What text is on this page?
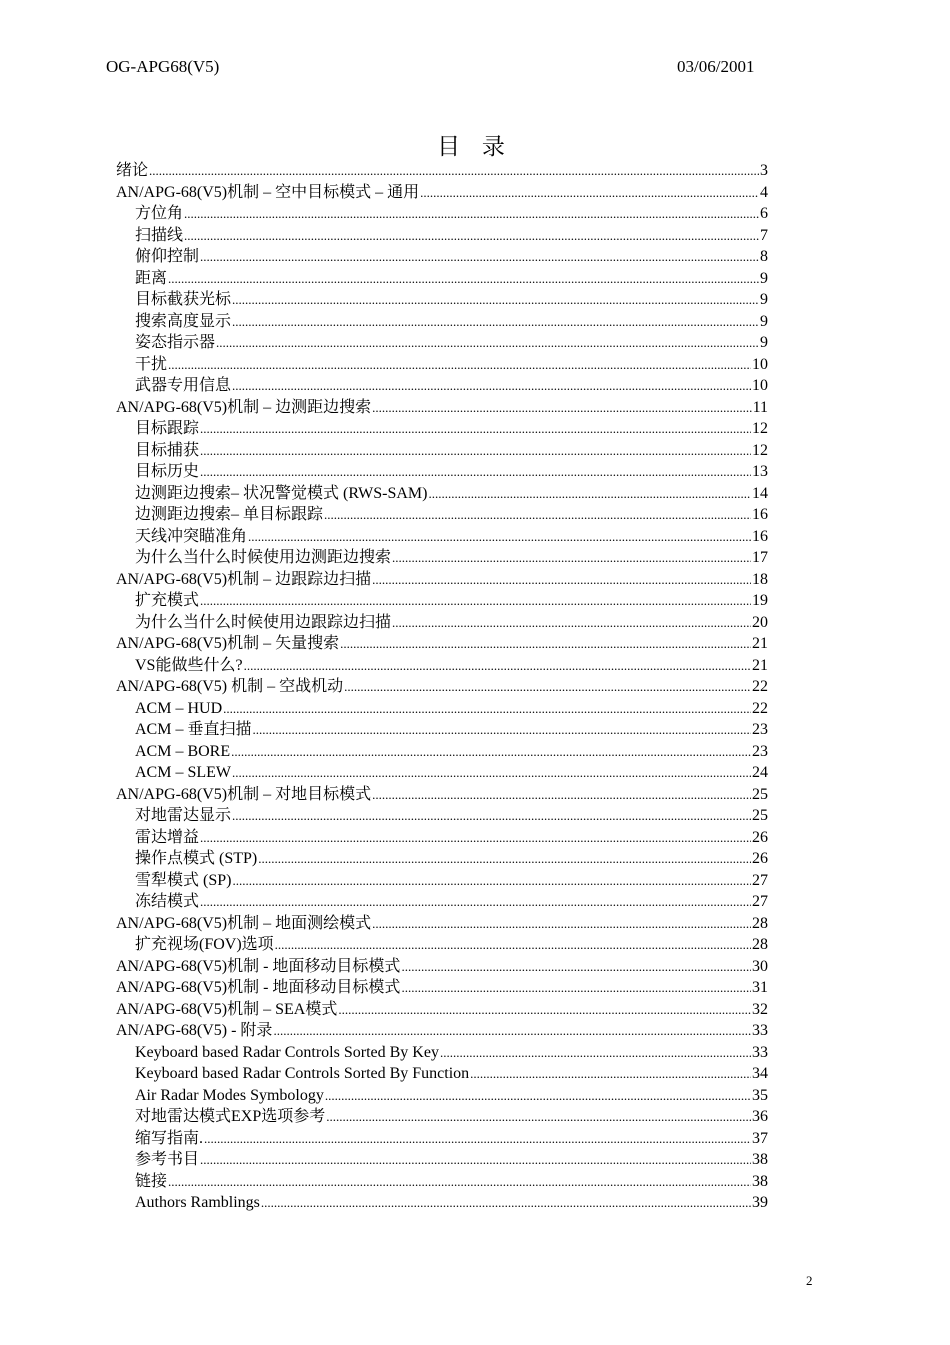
OG-APG68(V5)	03/06/2001
目 录
绪论 .....	3
AN/APG-68(V5)机制 – 空中目标模式 – 通用 .....	4
方位角 .....	6
扫描线 .....	7
俯仰控制 .....	8
距离 .....	9
目标截获光标 .....	9
搜索高度显示 .....	9
姿态指示器 .....	9
干扰 .....	10
武器专用信息 .....	10
AN/APG-68(V5)机制 – 边测距边搜索 .....	11
目标跟踪 .....	12
目标捕获 .....	12
目标历史 .....	13
边测距边搜索– 状况警觉模式 (RWS-SAM) .....	14
边测距边搜索– 单目标跟踪 .....	16
天线冲突瞄准角 .....	16
为什么当什么时候使用边测距边搜索 .....	17
AN/APG-68(V5)机制 – 边跟踪边扫描 .....	18
扩充模式 .....	19
为什么当什么时候使用边跟踪边扫描 .....	20
AN/APG-68(V5)机制 – 矢量搜索 .....	21
VS能做些什么? .....	21
AN/APG-68(V5) 机制 – 空战机动 .....	22
ACM – HUD .....	22
ACM – 垂直扫描 .....	23
ACM – BORE .....	23
ACM – SLEW .....	24
AN/APG-68(V5)机制 – 对地目标模式 .....	25
对地雷达显示 .....	25
雷达增益 .....	26
操作点模式 (STP) .....	26
雪犁模式 (SP) .....	27
冻结模式 .....	27
AN/APG-68(V5)机制 – 地面测绘模式 .....	28
扩充视场(FOV)选项 .....	28
AN/APG-68(V5)机制 - 地面移动目标模式 .....	30
AN/APG-68(V5)机制 - 地面移动目标模式 .....	31
AN/APG-68(V5)机制 – SEA模式 .....	32
AN/APG-68(V5) - 附录 .....	33
Keyboard based Radar Controls Sorted By Key .....	33
Keyboard based Radar Controls Sorted By Function .....	34
Air Radar Modes Symbology .....	35
对地雷达模式EXP选项参考 .....	36
缩写指南. .....	37
参考书目 .....	38
链接 .....	38
Authors Ramblings .....	39
2
